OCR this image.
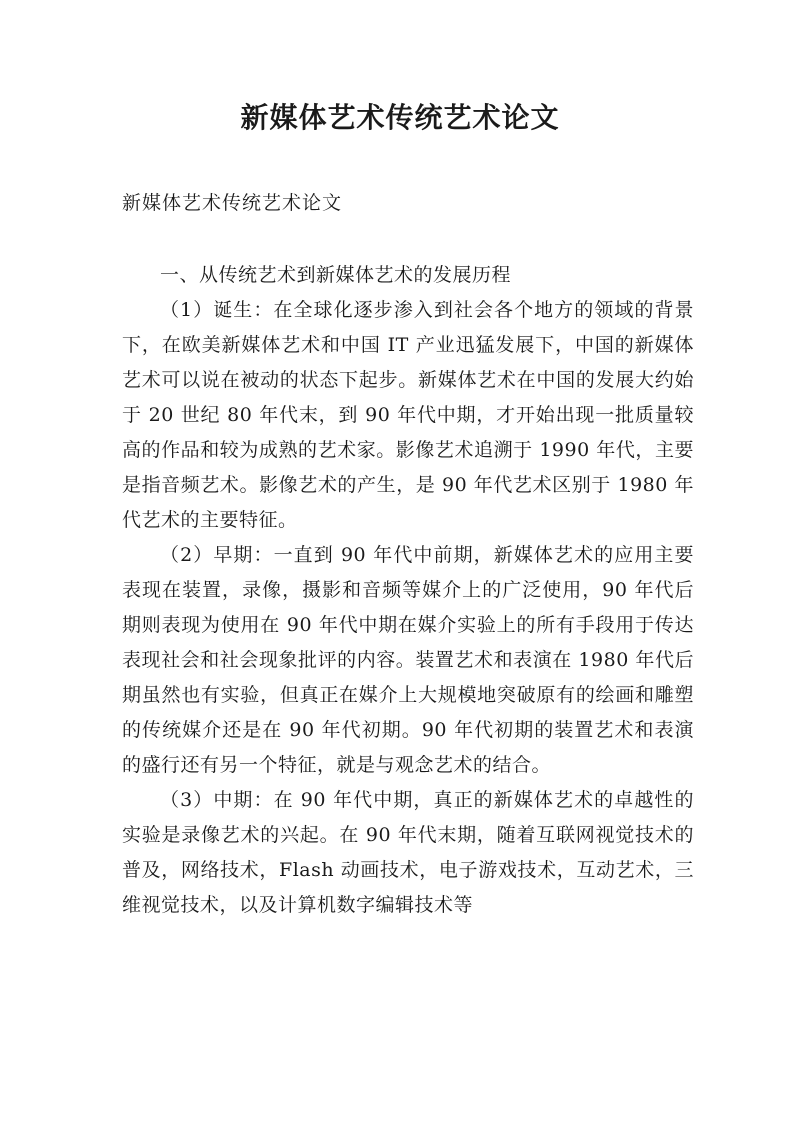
新媒体艺术传统艺术论文

新媒体艺术传统艺术论文

一、从传统艺术到新媒体艺术的发展历程

（1）诞生：在全球化逐步渗入到社会各个地方的领域的背景下，在欧美新媒体艺术和中国 IT 产业迅猛发展下，中国的新媒体艺术可以说在被动的状态下起步。新媒体艺术在中国的发展大约始于 20 世纪 80 年代末，到 90 年代中期，才开始出现一批质量较高的作品和较为成熟的艺术家。影像艺术追溯于 1990 年代，主要是指音频艺术。影像艺术的产生，是 90 年代艺术区别于 1980 年代艺术的主要特征。

（2）早期：一直到 90 年代中前期，新媒体艺术的应用主要表现在装置，录像，摄影和音频等媒介上的广泛使用，90 年代后期则表现为使用在 90 年代中期在媒介实验上的所有手段用于传达表现社会和社会现象批评的内容。装置艺术和表演在 1980 年代后期虽然也有实验，但真正在媒介上大规模地突破原有的绘画和雕塑的传统媒介还是在 90 年代初期。90 年代初期的装置艺术和表演的盛行还有另一个特征，就是与观念艺术的结合。

（3）中期：在 90 年代中期，真正的新媒体艺术的卓越性的实验是录像艺术的兴起。在 90 年代末期，随着互联网视觉技术的普及，网络技术，Flash 动画技术，电子游戏技术，互动艺术，三维视觉技术，以及计算机数字编辑技术等
